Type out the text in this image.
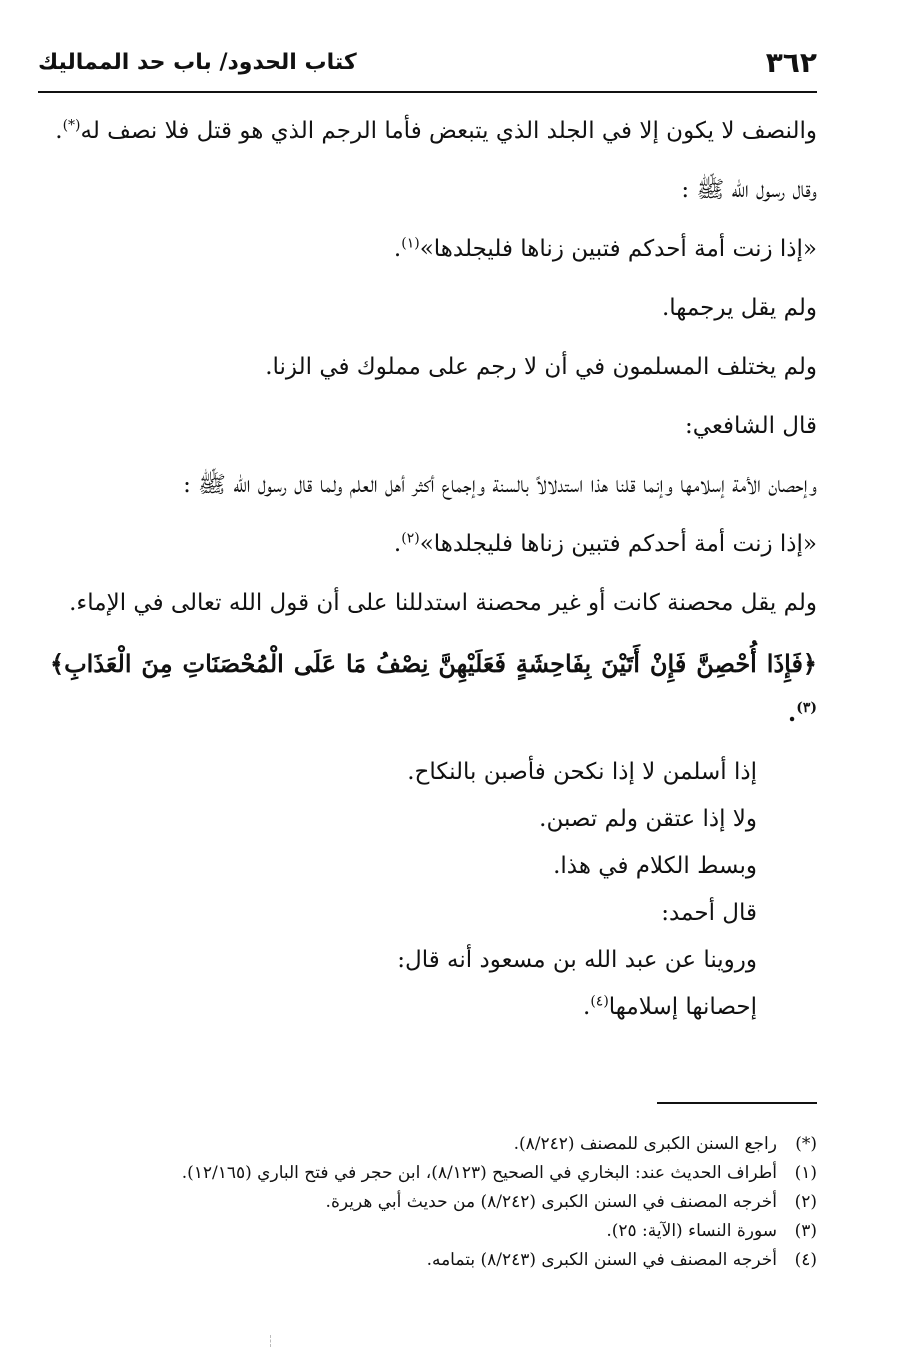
٣٦٢
كتاب الحدود/ باب حد المماليك

والنصف لا يكون إلا في الجلد الذي يتبعض فأما الرجم الذي هو قتل فلا نصف له(*).

وقال رسول الله ﷺ :

«إذا زنت أمة أحدكم فتبين زناها فليجلدها»$^{(١)}$.

ولم يقل يرجمها.

ولم يختلف المسلمون في أن لا رجم على مملوك في الزنا.

قال الشافعي:

وإحصان الأمة إسلامها وإنما قلنا هذا استدلالاً بالسنة وإجماع أكثر أهل العلم ولما قال رسول الله ﷺ :

«إذا زنت أمة أحدكم فتبين زناها فليجلدها»$^{(٢)}$.

ولم يقل محصنة كانت أو غير محصنة استدللنا على أن قول الله تعالى في الإماء.

﴿فَإِذَا أُحْصِنَّ فَإِنْ أَتَيْنَ بِفَاحِشَةٍ فَعَلَيْهِنَّ نِصْفُ مَا عَلَى الْمُحْصَنَاتِ مِنَ الْعَذَابِ﴾$^{(٣)}$.

إذا أسلمن لا إذا نكحن فأصبن بالنكاح.

ولا إذا عتقن ولم تصبن.

وبسط الكلام في هذا.

قال أحمد:

وروينا عن عبد الله بن مسعود أنه قال:

إحصانها إسلامها$^{(٤)}$.

(*)
راجع السنن الكبرى للمصنف (٨/٢٤٢).

(١)
أطراف الحديث عند: البخاري في الصحيح (٨/١٢٣)، ابن حجر في فتح الباري (١٢/١٦٥).

(٢)
أخرجه المصنف في السنن الكبرى (٨/٢٤٢) من حديث أبي هريرة.

(٣)
سورة النساء (الآية: ٢٥).

(٤)
أخرجه المصنف في السنن الكبرى (٨/٢٤٣) بتمامه.
